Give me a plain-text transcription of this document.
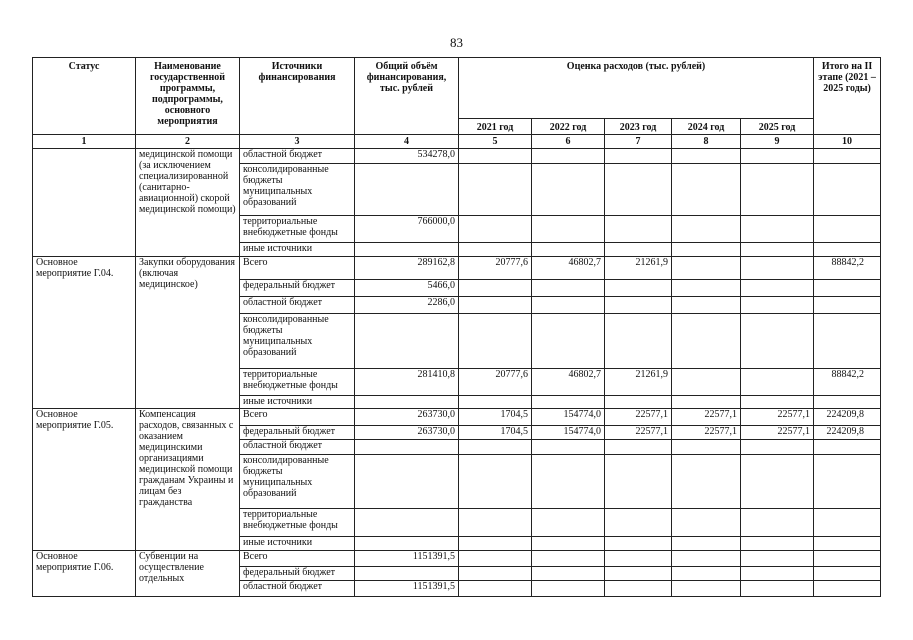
83
Статус	Наименование государственной программы, подпрограммы, основного мероприятия	Источники финансирования	Общий объём финансирования, тыс. рублей	Оценка расходов (тыс. рублей)					Итого на II этапе (2021 – 2025 годы)
				2021 год	2022 год	2023 год	2024 год	2025 год	
1	2	3	4	5	6	7	8	9	10
	медицинской помощи (за исключением специализированной (санитарно-авиационной) скорой медицинской помощи)	областной бюджет	534278,0						
		консолидированные бюджеты муниципальных образований							
		территориальные внебюджетные фонды	766000,0						
		иные источники							
Основное мероприятие Г.04.	Закупки оборудования (включая медицинское)	Всего	289162,8	20777,6	46802,7	21261,9			88842,2
		федеральный бюджет	5466,0						
		областной бюджет	2286,0						
		консолидированные бюджеты муниципальных образований							
		территориальные внебюджетные фонды	281410,8	20777,6	46802,7	21261,9			88842,2
		иные источники							
Основное мероприятие Г.05.	Компенсация расходов, связанных с оказанием медицинскими организациями медицинской помощи гражданам Украины и лицам без гражданства	Всего	263730,0	1704,5	154774,0	22577,1	22577,1	22577,1	224209,8
		федеральный бюджет	263730,0	1704,5	154774,0	22577,1	22577,1	22577,1	224209,8
		областной бюджет							
		консолидированные бюджеты муниципальных образований							
		территориальные внебюджетные фонды							
		иные источники							
Основное мероприятие Г.06.	Субвенции на осуществление отдельных	Всего	1151391,5						
		федеральный бюджет							
		областной бюджет	1151391,5						
